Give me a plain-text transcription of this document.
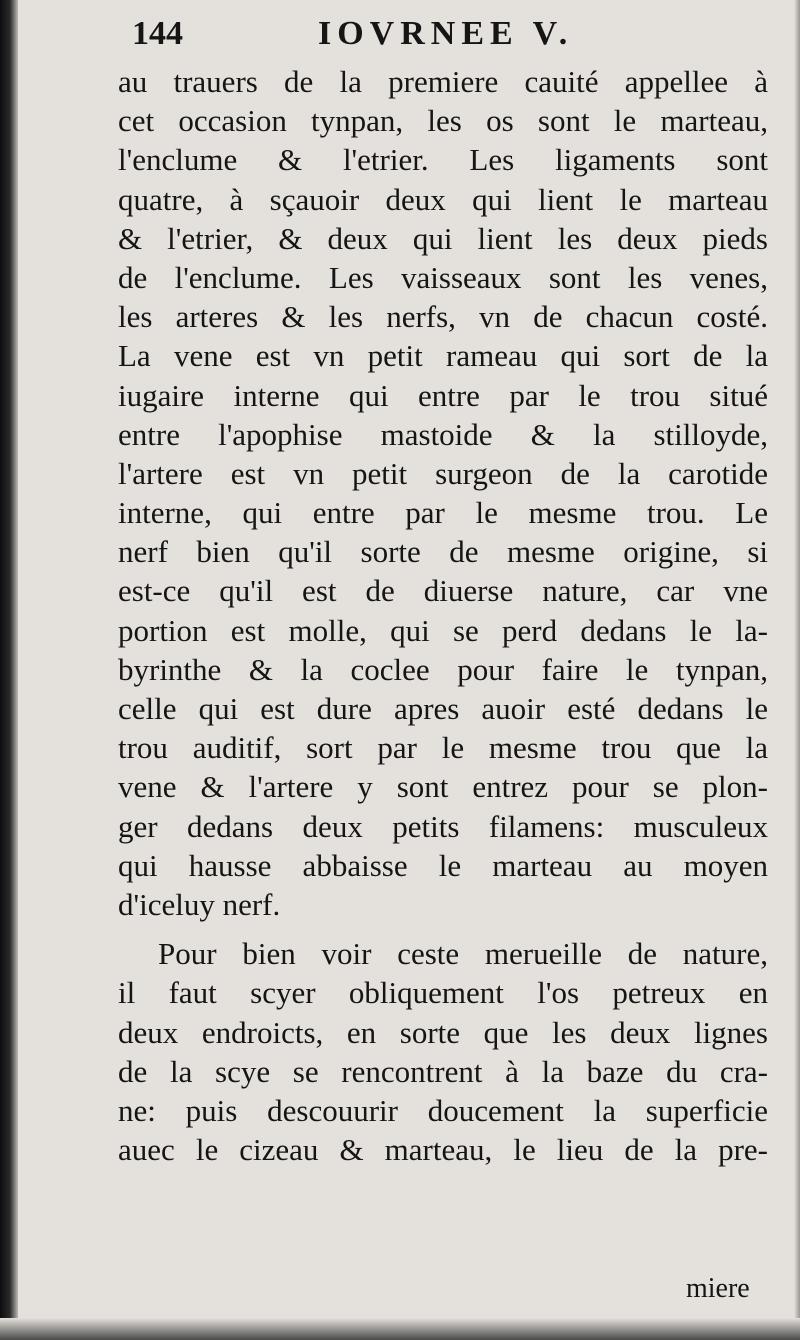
144	IOVRNEE V.
au trauers de la premiere cauité appellee à
cet occasion tynpan, les os sont le marteau,
l'enclume & l'etrier. Les ligaments sont
quatre, à sçauoir deux qui lient le marteau
& l'etrier, & deux qui lient les deux pieds
de l'enclume. Les vaisseaux sont les venes,
les arteres & les nerfs, vn de chacun costé.
La vene est vn petit rameau qui sort de la
iugaire interne qui entre par le trou situé
entre l'apophise mastoide & la stilloyde,
l'artere est vn petit surgeon de la carotide
interne, qui entre par le mesme trou. Le
nerf bien qu'il sorte de mesme origine, si
est-ce qu'il est de diuerse nature, car vne
portion est molle, qui se perd dedans le la-
byrinthe & la coclee pour faire le tynpan,
celle qui est dure apres auoir esté dedans le
trou auditif, sort par le mesme trou que la
vene & l'artere y sont entrez pour se plon-
ger dedans deux petits filamens: musculeux
qui hausse abbaisse le marteau au moyen
d'iceluy nerf.
Pour bien voir ceste merueille de nature,
il faut scyer obliquement l'os petreux en
deux endroicts, en sorte que les deux lignes
de la scye se rencontrent à la baze du cra-
ne: puis descouurir doucement la superficie
auec le cizeau & marteau, le lieu de la pre-
miere
